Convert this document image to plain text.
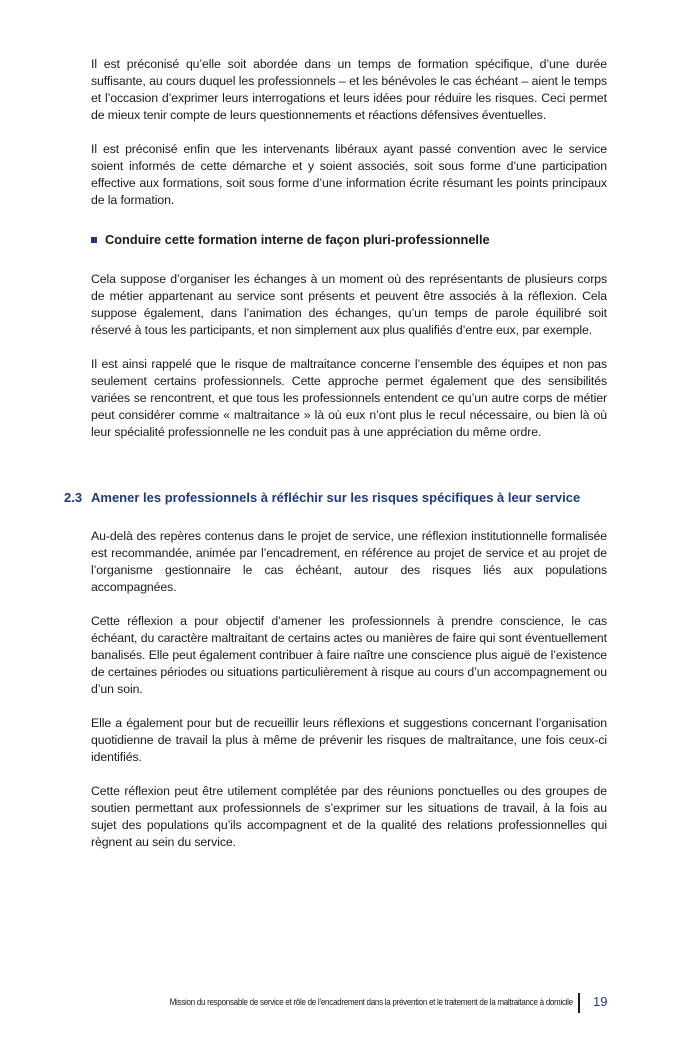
Il est préconisé qu’elle soit abordée dans un temps de formation spécifique, d’une durée suffisante, au cours duquel les professionnels – et les bénévoles le cas échéant – aient le temps et l’occasion d’exprimer leurs interrogations et leurs idées pour réduire les risques. Ceci permet de mieux tenir compte de leurs questionnements et réactions défensives éventuelles.

Il est préconisé enfin que les intervenants libéraux ayant passé convention avec le service soient informés de cette démarche et y soient associés, soit sous forme d’une participation effective aux formations, soit sous forme d’une information écrite résumant les points principaux de la formation.

Conduire cette formation interne de façon pluri-professionnelle

Cela suppose d’organiser les échanges à un moment où des représentants de plusieurs corps de métier appartenant au service sont présents et peuvent être associés à la réflexion. Cela suppose également, dans l’animation des échanges, qu’un temps de parole équilibré soit réservé à tous les participants, et non simplement aux plus qualifiés d’entre eux, par exemple.

Il est ainsi rappelé que le risque de maltraitance concerne l’ensemble des équipes et non pas seulement certains professionnels. Cette approche permet également que des sensibilités variées se rencontrent, et que tous les professionnels entendent ce qu’un autre corps de métier peut considérer comme « maltraitance » là où eux n’ont plus le recul nécessaire, ou bien là où leur spécialité professionnelle ne les conduit pas à une appréciation du même ordre.

2.3 Amener les professionnels à réfléchir sur les risques spécifiques à leur service

Au-delà des repères contenus dans le projet de service, une réflexion institutionnelle formalisée est recommandée, animée par l’encadrement, en référence au projet de service et au projet de l’organisme gestionnaire le cas échéant, autour des risques liés aux populations accompagnées.

Cette réflexion a pour objectif d’amener les professionnels à prendre conscience, le cas échéant, du caractère maltraitant de certains actes ou manières de faire qui sont éventuellement banalisés. Elle peut également contribuer à faire naître une conscience plus aiguë de l’existence de certaines périodes ou situations particulièrement à risque au cours d’un accompagnement ou d’un soin.

Elle a également pour but de recueillir leurs réflexions et suggestions concernant l’organisation quotidienne de travail la plus à même de prévenir les risques de maltraitance, une fois ceux-ci identifiés.

Cette réflexion peut être utilement complétée par des réunions ponctuelles ou des groupes de soutien permettant aux professionnels de s’exprimer sur les situations de travail, à la fois au sujet des populations qu’ils accompagnent et de la qualité des relations professionnelles qui règnent au sein du service.

Mission du responsable de service et rôle de l’encadrement dans la prévention et le traitement de la maltraitance à domicile 19
